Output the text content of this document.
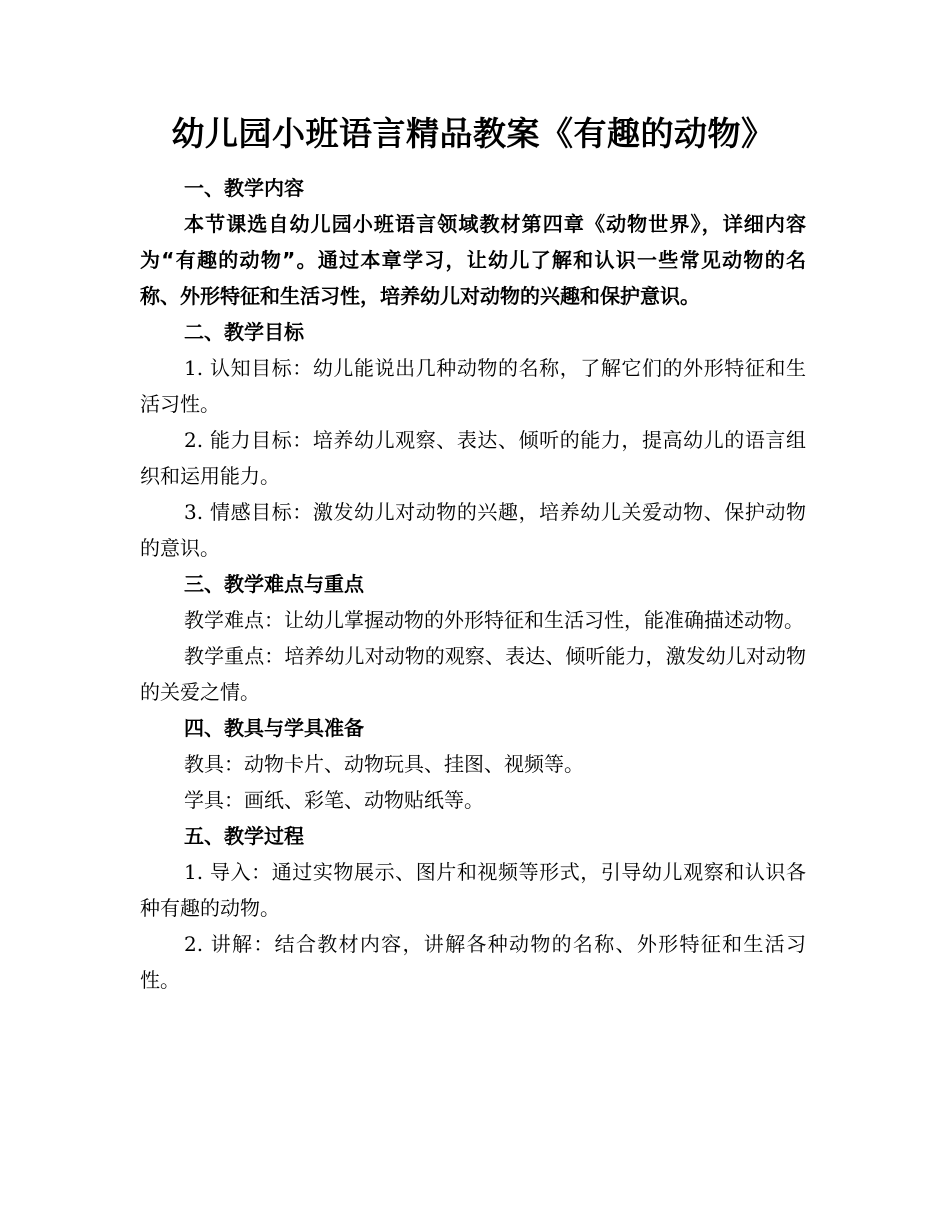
幼儿园小班语言精品教案《有趣的动物》
一、教学内容

本节课选自幼儿园小班语言领域教材第四章《动物世界》，详细内容为“有趣的动物”。通过本章学习，让幼儿了解和认识一些常见动物的名称、外形特征和生活习性，培养幼儿对动物的兴趣和保护意识。

二、教学目标

1. 认知目标：幼儿能说出几种动物的名称，了解它们的外形特征和生活习性。

2. 能力目标：培养幼儿观察、表达、倾听的能力，提高幼儿的语言组织和运用能力。

3. 情感目标：激发幼儿对动物的兴趣，培养幼儿关爱动物、保护动物的意识。

三、教学难点与重点

教学难点：让幼儿掌握动物的外形特征和生活习性，能准确描述动物。

教学重点：培养幼儿对动物的观察、表达、倾听能力，激发幼儿对动物的关爱之情。

四、教具与学具准备

教具：动物卡片、动物玩具、挂图、视频等。

学具：画纸、彩笔、动物贴纸等。

五、教学过程

1. 导入：通过实物展示、图片和视频等形式，引导幼儿观察和认识各种有趣的动物。

2. 讲解：结合教材内容，讲解各种动物的名称、外形特征和生活习性。
